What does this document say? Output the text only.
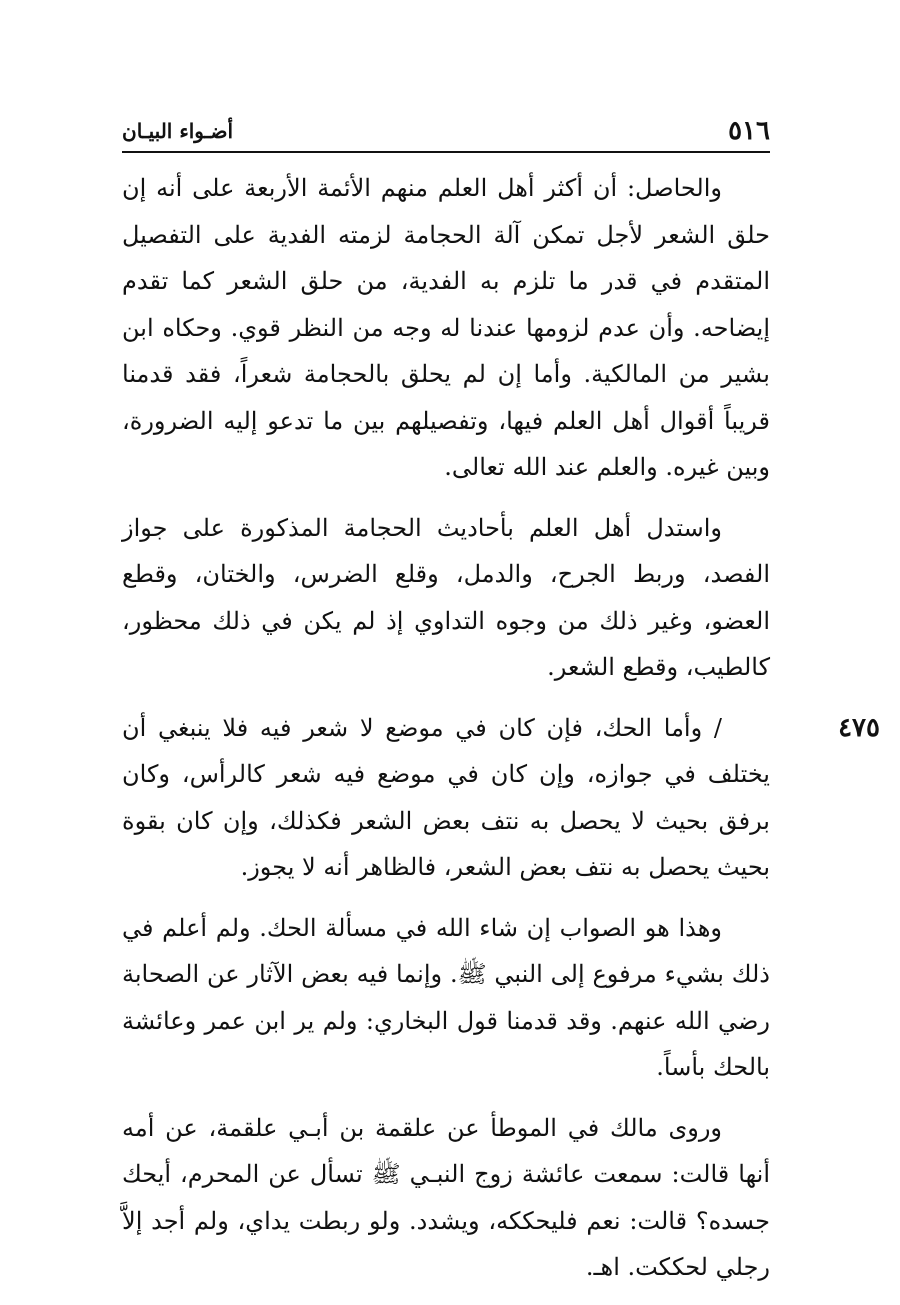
٥١٦
أضـواء البيـان

والحاصل: أن أكثر أهل العلم منهم الأئمة الأربعة على أنه إن حلق الشعر لأجل تمكن آلة الحجامة لزمته الفدية على التفصيل المتقدم في قدر ما تلزم به الفدية، من حلق الشعر كما تقدم إيضاحه. وأن عدم لزومها عندنا له وجه من النظر قوي. وحكاه ابن بشير من المالكية. وأما إن لم يحلق بالحجامة شعراً، فقد قدمنا قريباً أقوال أهل العلم فيها، وتفصيلهم بين ما تدعو إليه الضرورة، وبين غيره. والعلم عند الله تعالى.

واستدل أهل العلم بأحاديث الحجامة المذكورة على جواز الفصد، وربط الجرح، والدمل، وقلع الضرس، والختان، وقطع العضو، وغير ذلك من وجوه التداوي إذ لم يكن في ذلك محظور، كالطيب، وقطع الشعر.

٤٧٥
/ وأما الحك، فإن كان في موضع لا شعر فيه فلا ينبغي أن يختلف في جوازه، وإن كان في موضع فيه شعر كالرأس، وكان برفق بحيث لا يحصل به نتف بعض الشعر فكذلك، وإن كان بقوة بحيث يحصل به نتف بعض الشعر، فالظاهر أنه لا يجوز.

وهذا هو الصواب إن شاء الله في مسألة الحك. ولم أعلم في ذلك بشيء مرفوع إلى النبي ﷺ. وإنما فيه بعض الآثار عن الصحابة رضي الله عنهم. وقد قدمنا قول البخاري: ولم ير ابن عمر وعائشة بالحك بأساً.

وروى مالك في الموطأ عن علقمة بن أبـي علقمة، عن أمه أنها قالت: سمعت عائشة زوج النبـي ﷺ تسأل عن المحرم، أيحك جسده؟ قالت: نعم فليحككه، ويشدد. ولو ربطت يداي، ولم أجد إلاَّ رجلي لحككت. اهـ.
